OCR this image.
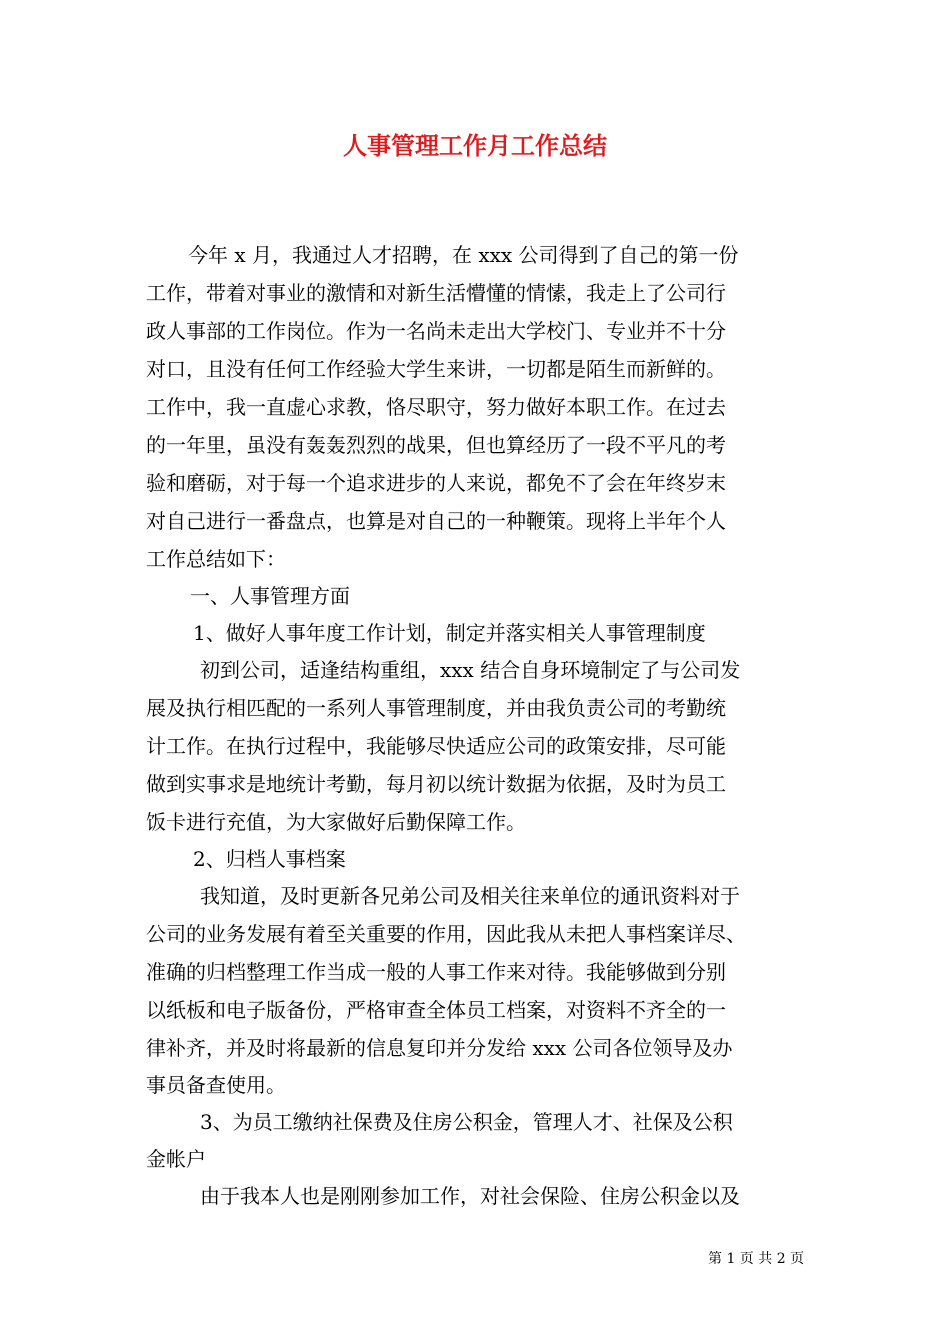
人事管理工作月工作总结
今年 x 月，我通过人才招聘，在 xxx 公司得到了自己的第一份
工作，带着对事业的激情和对新生活懵懂的情愫，我走上了公司行
政人事部的工作岗位。作为一名尚未走出大学校门、专业并不十分
对口，且没有任何工作经验大学生来讲，一切都是陌生而新鲜的。
工作中，我一直虚心求教，恪尽职守，努力做好本职工作。在过去
的一年里，虽没有轰轰烈烈的战果，但也算经历了一段不平凡的考
验和磨砺，对于每一个追求进步的人来说，都免不了会在年终岁末
对自己进行一番盘点，也算是对自己的一种鞭策。现将上半年个人
工作总结如下：
一、人事管理方面
1、做好人事年度工作计划，制定并落实相关人事管理制度
初到公司，适逢结构重组，xxx 结合自身环境制定了与公司发
展及执行相匹配的一系列人事管理制度，并由我负责公司的考勤统
计工作。在执行过程中，我能够尽快适应公司的政策安排，尽可能
做到实事求是地统计考勤，每月初以统计数据为依据，及时为员工
饭卡进行充值，为大家做好后勤保障工作。
2、归档人事档案
我知道，及时更新各兄弟公司及相关往来单位的通讯资料对于
公司的业务发展有着至关重要的作用，因此我从未把人事档案详尽、
准确的归档整理工作当成一般的人事工作来对待。我能够做到分别
以纸板和电子版备份，严格审查全体员工档案，对资料不齐全的一
律补齐，并及时将最新的信息复印并分发给 xxx 公司各位领导及办
事员备查使用。
3、为员工缴纳社保费及住房公积金，管理人才、社保及公积
金帐户
由于我本人也是刚刚参加工作，对社会保险、住房公积金以及
第 1 页 共 2 页
